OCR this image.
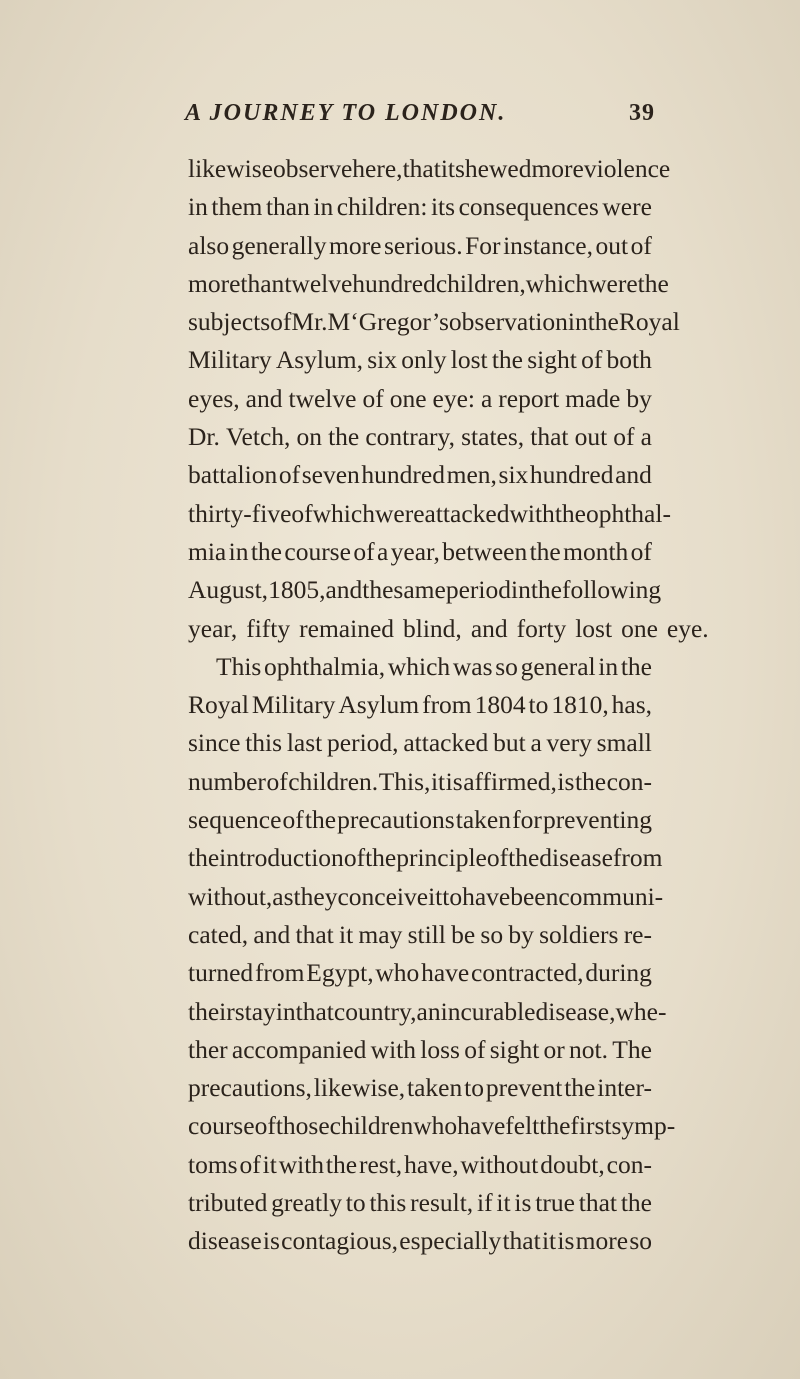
A JOURNEY TO LONDON.	39
likewise observe here, that it shewed more violence
in them than in children: its consequences were
also generally more serious. For instance, out of
more than twelve hundred children, which were the
subjects of Mr. M‘Gregor’s observation in the Royal
Military Asylum, six only lost the sight of both
eyes, and twelve of one eye: a report made by
Dr. Vetch, on the contrary, states, that out of a
battalion of seven hundred men, six hundred and
thirty-five of which were attacked with the ophthal-
mia in the course of a year, between the month of
August, 1805, and the same period in the following
year, fifty remained blind, and forty lost one eye.
This ophthalmia, which was so general in the
Royal Military Asylum from 1804 to 1810, has,
since this last period, attacked but a very small
number of children. This, it is affirmed, is the con-
sequence of the precautions taken for preventing
the introduction of the principle of the disease from
without, as they conceive it to have been communi-
cated, and that it may still be so by soldiers re-
turned from Egypt, who have contracted, during
their stay in that country, an incurable disease, whe-
ther accompanied with loss of sight or not. The
precautions, likewise, taken to prevent the inter-
course of those children who have felt the first symp-
toms of it with the rest, have, without doubt, con-
tributed greatly to this result, if it is true that the
disease is contagious, especially that it is more so
